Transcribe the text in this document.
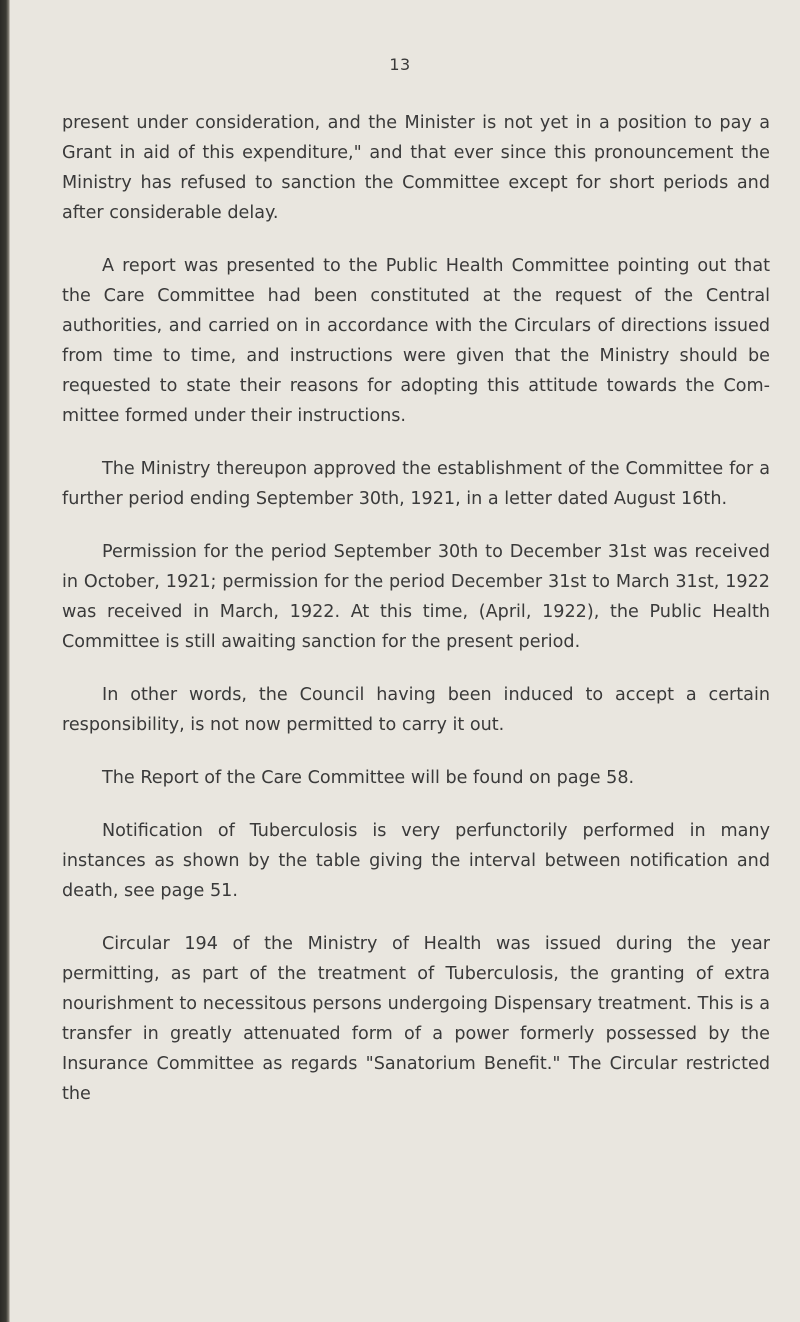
13

present under consideration, and the Minister is not yet in a position to pay a Grant in aid of this expenditure," and that ever since this pronouncement the Ministry has refused to sanction the Committee except for short periods and after considerable delay.

A report was presented to the Public Health Committee pointing out that the Care Committee had been constituted at the request of the Central authorities, and carried on in accordance with the Circulars of directions issued from time to time, and instructions were given that the Ministry should be requested to state their reasons for adopting this attitude towards the Committee formed under their instructions.

The Ministry thereupon approved the establishment of the Committee for a further period ending September 30th, 1921, in a letter dated August 16th.

Permission for the period September 30th to December 31st was received in October, 1921; permission for the period December 31st to March 31st, 1922 was received in March, 1922. At this time, (April, 1922), the Public Health Committee is still awaiting sanction for the present period.

In other words, the Council having been induced to accept a certain responsibility, is not now permitted to carry it out.

The Report of the Care Committee will be found on page 58.

Notification of Tuberculosis is very perfunctorily performed in many instances as shown by the table giving the interval between notification and death, see page 51.

Circular 194 of the Ministry of Health was issued during the year permitting, as part of the treatment of Tuberculosis, the granting of extra nourishment to necessitous persons undergoing Dispensary treatment. This is a transfer in greatly attenuated form of a power formerly possessed by the Insurance Committee as regards "Sanatorium Benefit." The Circular restricted the
